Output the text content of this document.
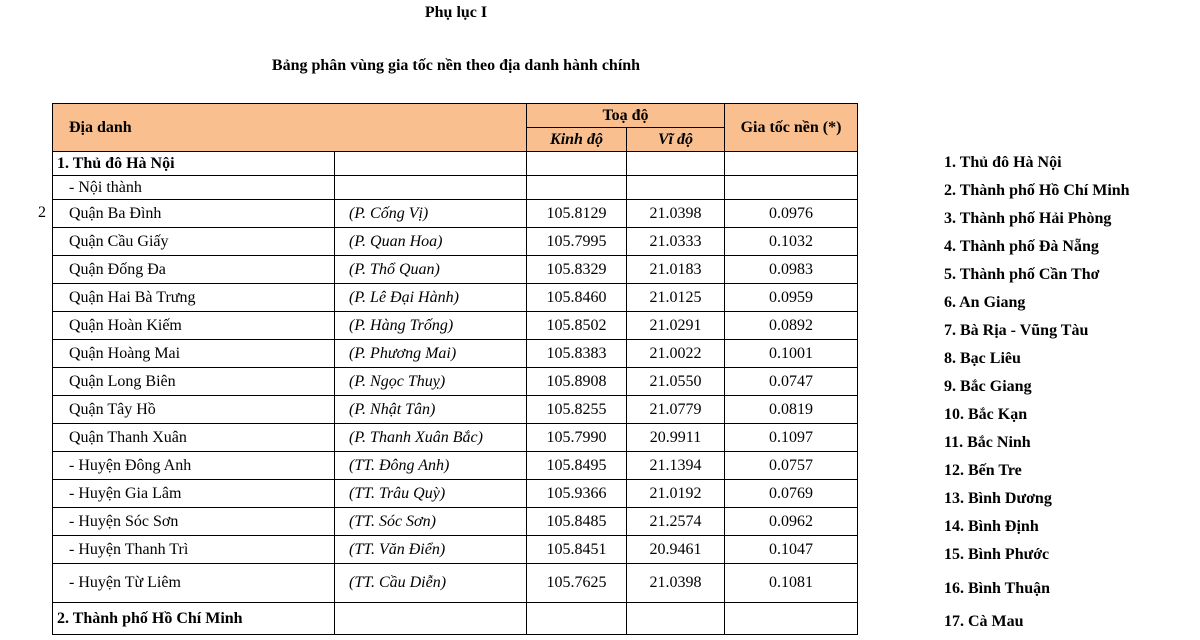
Phụ lục I
Bảng phân vùng gia tốc nền theo địa danh hành chính
2
Địa danh		Toạ độ		Gia tốc nền (*)
		Kinh độ	Vĩ độ	
1. Thủ đô Hà Nội				
- Nội thành				
Quận Ba Đình	(P. Cống Vị)	105.8129	21.0398	0.0976
Quận Cầu Giấy	(P. Quan Hoa)	105.7995	21.0333	0.1032
Quận Đống Đa	(P. Thổ Quan)	105.8329	21.0183	0.0983
Quận Hai Bà Trưng	(P. Lê Đại Hành)	105.8460	21.0125	0.0959
Quận Hoàn Kiếm	(P. Hàng Trống)	105.8502	21.0291	0.0892
Quận Hoàng Mai	(P. Phương Mai)	105.8383	21.0022	0.1001
Quận Long Biên	(P. Ngọc Thuỵ)	105.8908	21.0550	0.0747
Quận Tây Hồ	(P. Nhật Tân)	105.8255	21.0779	0.0819
Quận Thanh Xuân	(P. Thanh Xuân Bắc)	105.7990	20.9911	0.1097
- Huyện Đông Anh	(TT. Đông Anh)	105.8495	21.1394	0.0757
- Huyện Gia Lâm	(TT. Trâu Quỳ)	105.9366	21.0192	0.0769
- Huyện Sóc Sơn	(TT. Sóc Sơn)	105.8485	21.2574	0.0962
- Huyện Thanh Trì	(TT. Văn Điển)	105.8451	20.9461	0.1047
- Huyện Từ Liêm	(TT. Cầu Diễn)	105.7625	21.0398	0.1081
2. Thành phố Hồ Chí Minh				
1. Thủ đô Hà Nội
2. Thành phố Hồ Chí Minh
3. Thành phố Hải Phòng
4. Thành phố Đà Nẵng
5. Thành phố Cần Thơ
6. An Giang
7. Bà Rịa - Vũng Tàu
8. Bạc Liêu
9. Bắc Giang
10. Bắc Kạn
11. Bắc Ninh
12. Bến Tre
13. Bình Dương
14. Bình Định
15. Bình Phước
16. Bình Thuận
17. Cà Mau
